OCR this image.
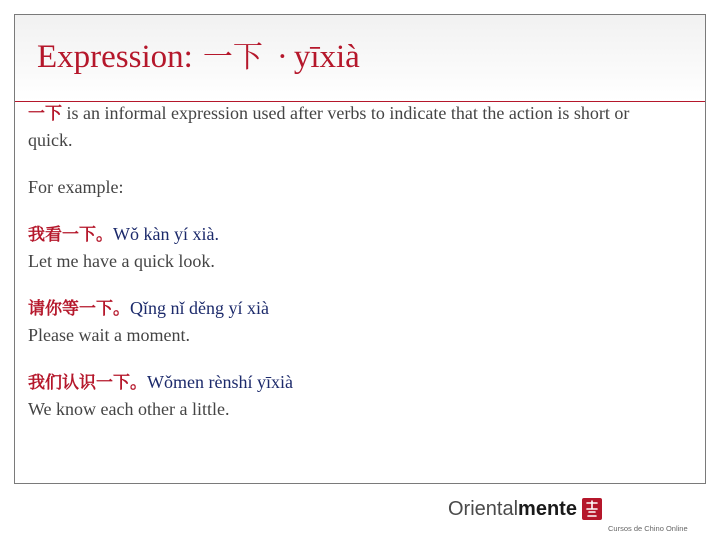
Expression: 一下 · yīxià

一下 is an informal expression used after verbs to indicate that the action is short or quick.

For example:

我看一下。Wǒ kàn yí xià.

Let me have a quick look.

请你等一下。Qǐng nǐ děng yí xià

Please wait a moment.

我们认识一下。Wǒmen rènshí yīxià

We know each other a little.

Orientalmente
Cursos de Chino Online
